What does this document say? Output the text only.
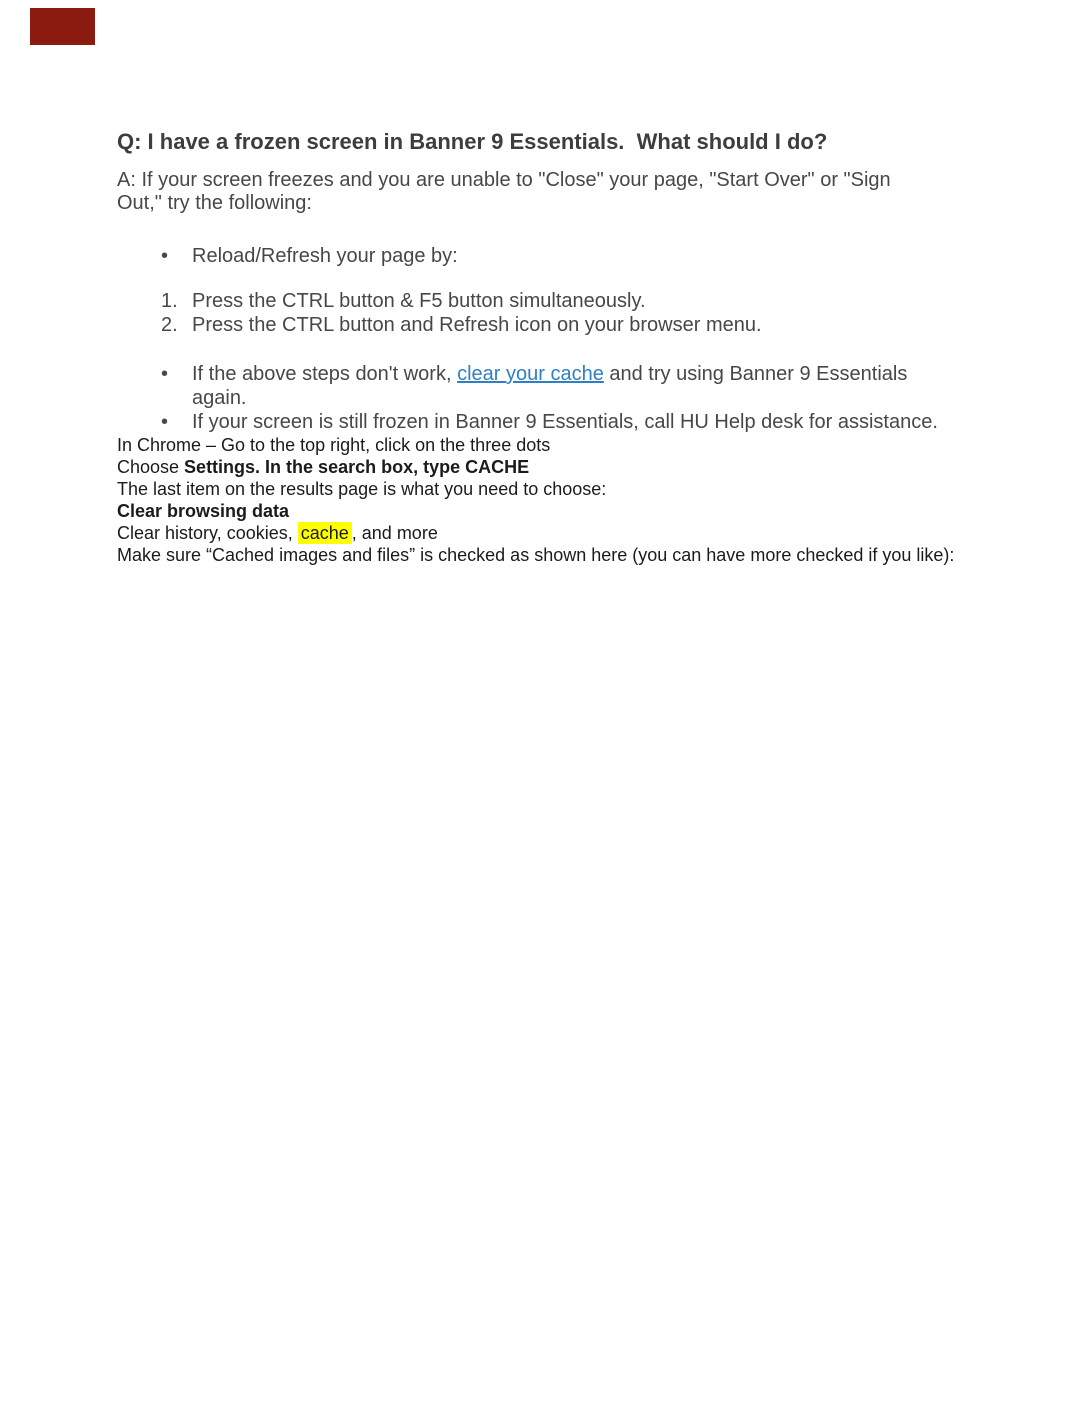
Q: I have a frozen screen in Banner 9 Essentials.  What should I do?

A: If your screen freezes and you are unable to "Close" your page, "Start Over" or "Sign
Out," try the following:

• Reload/Refresh your page by:
1. Press the CTRL button & F5 button simultaneously.
2. Press the CTRL button and Refresh icon on your browser menu.
• If the above steps don't work, clear your cache and try using Banner 9 Essentials
again.
• If your screen is still frozen in Banner 9 Essentials, call HU Help desk for assistance.

In Chrome – Go to the top right, click on the three dots

Choose Settings. In the search box, type CACHE

The last item on the results page is what you need to choose:

Clear browsing data

Clear history, cookies, cache , and more

Make sure “Cached images and files” is checked as shown here (you can have more checked if you like):
